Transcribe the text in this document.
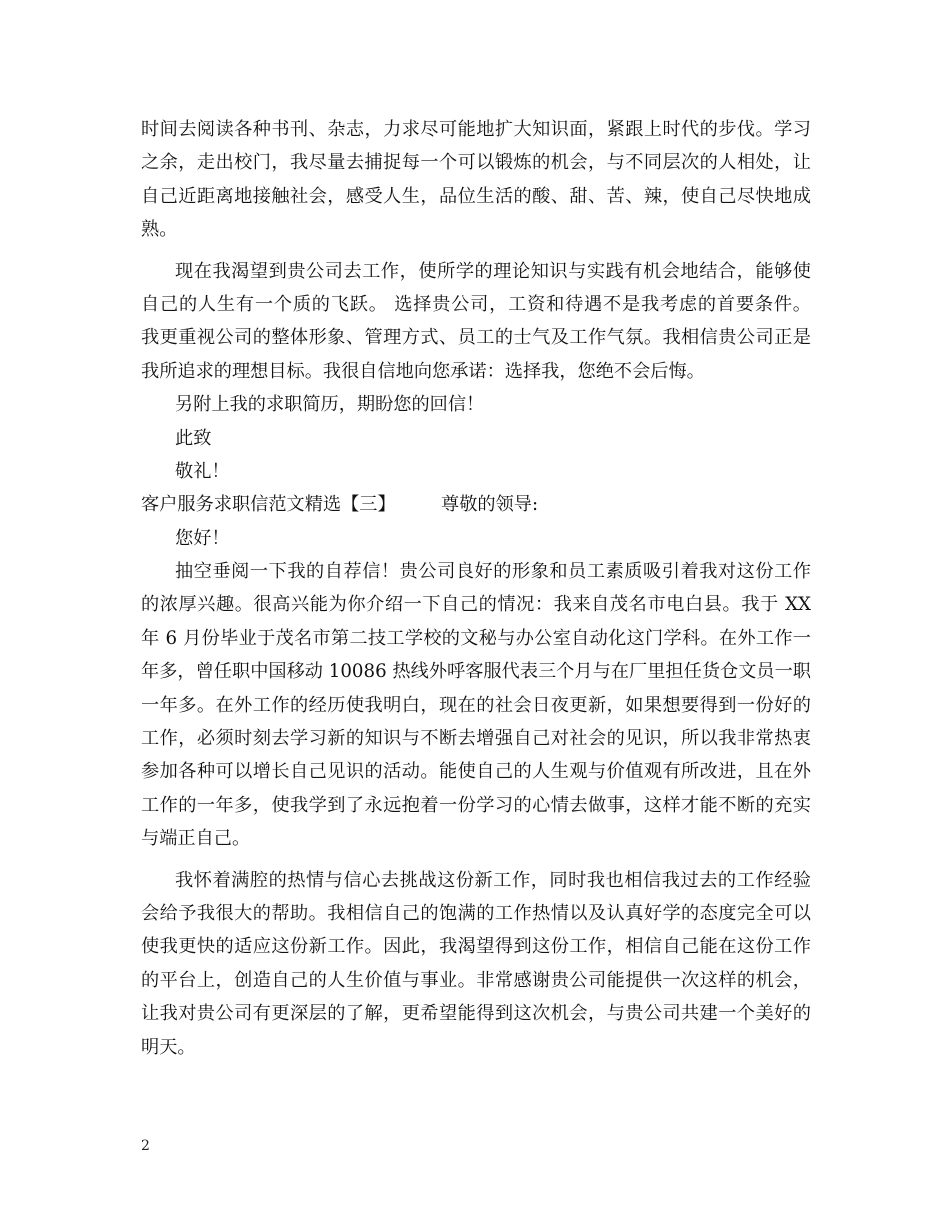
时间去阅读各种书刊、杂志，力求尽可能地扩大知识面，紧跟上时代的步伐。学习
之余，走出校门，我尽量去捕捉每一个可以锻炼的机会，与不同层次的人相处，让
自己近距离地接触社会，感受人生，品位生活的酸、甜、苦、辣，使自己尽快地成
熟。
现在我渴望到贵公司去工作，使所学的理论知识与实践有机会地结合，能够使
自己的人生有一个质的飞跃。 选择贵公司，工资和待遇不是我考虑的首要条件。
我更重视公司的整体形象、管理方式、员工的士气及工作气氛。我相信贵公司正是
我所追求的理想目标。我很自信地向您承诺：选择我，您绝不会后悔。
另附上我的求职简历，期盼您的回信！
此致
敬礼！
客户服务求职信范文精选【三】	尊敬的领导:
您好！
抽空垂阅一下我的自荐信！贵公司良好的形象和员工素质吸引着我对这份工作
的浓厚兴趣。很高兴能为你介绍一下自己的情况：我来自茂名市电白县。我于 XX
年 6 月份毕业于茂名市第二技工学校的文秘与办公室自动化这门学科。在外工作一
年多，曾任职中国移动 10086 热线外呼客服代表三个月与在厂里担任货仓文员一职
一年多。在外工作的经历使我明白，现在的社会日夜更新，如果想要得到一份好的
工作，必须时刻去学习新的知识与不断去增强自己对社会的见识，所以我非常热衷
参加各种可以增长自己见识的活动。能使自己的人生观与价值观有所改进，且在外
工作的一年多，使我学到了永远抱着一份学习的心情去做事，这样才能不断的充实
与端正自己。
我怀着满腔的热情与信心去挑战这份新工作，同时我也相信我过去的工作经验
会给予我很大的帮助。我相信自己的饱满的工作热情以及认真好学的态度完全可以
使我更快的适应这份新工作。因此，我渴望得到这份工作，相信自己能在这份工作
的平台上，创造自己的人生价值与事业。非常感谢贵公司能提供一次这样的机会，
让我对贵公司有更深层的了解，更希望能得到这次机会，与贵公司共建一个美好的
明天。
2
